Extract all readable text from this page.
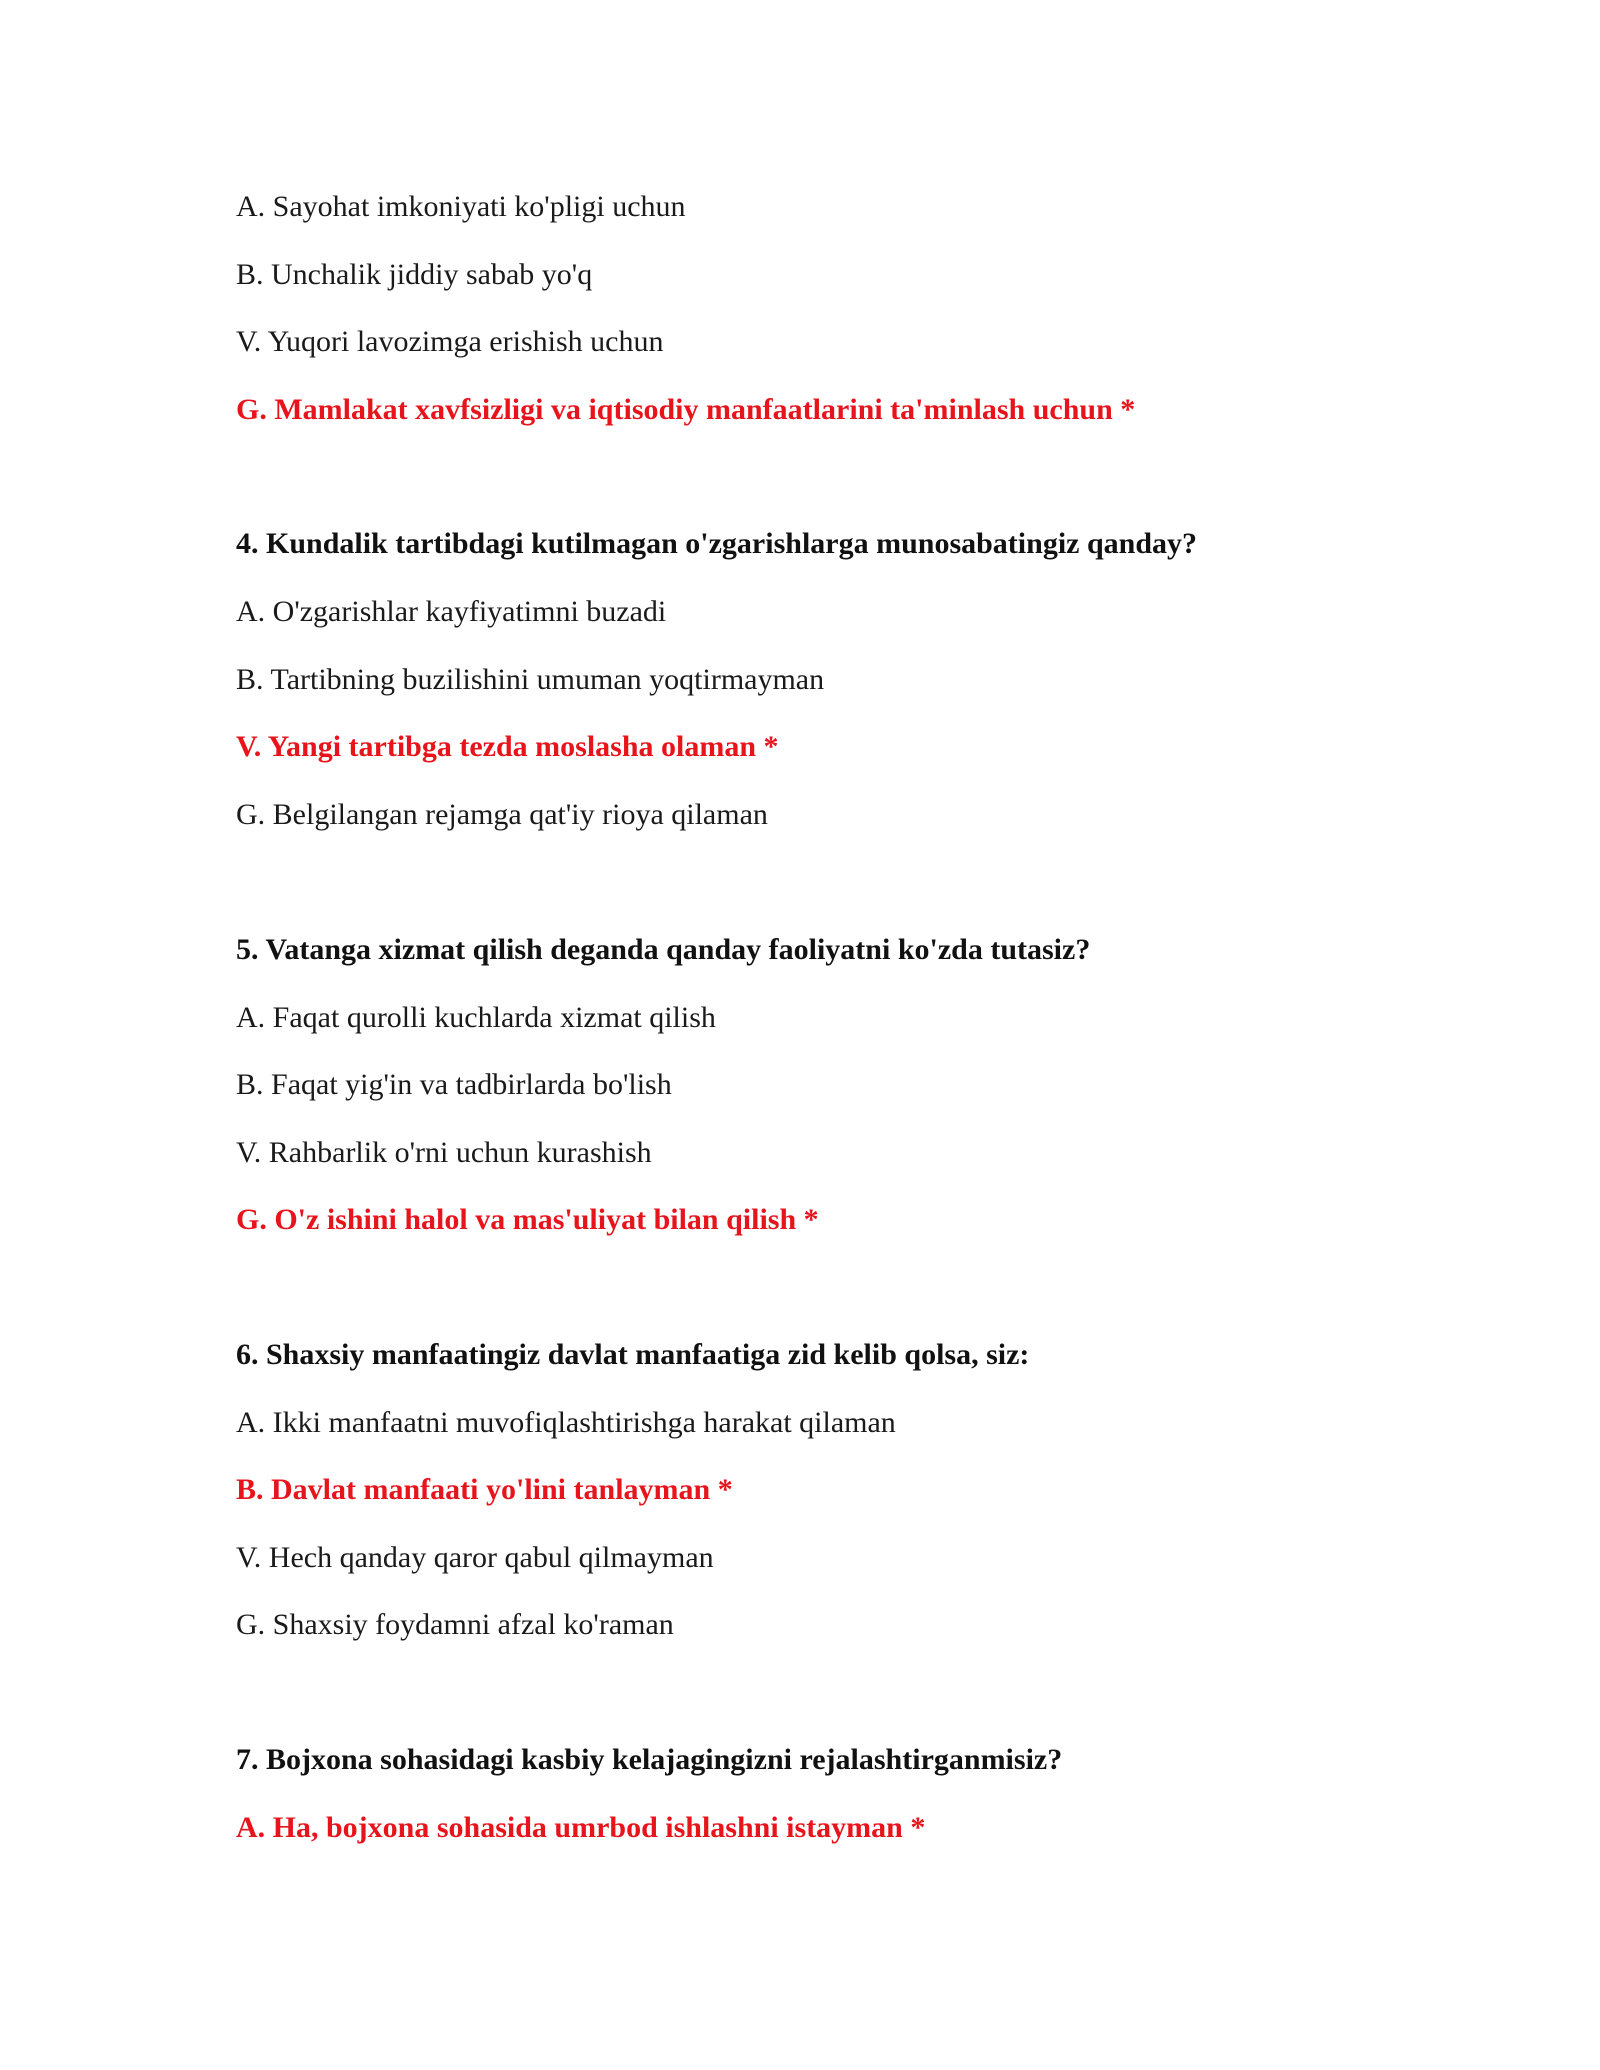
A. Sayohat imkoniyati ko'pligi uchun
B. Unchalik jiddiy sabab yo'q
V. Yuqori lavozimga erishish uchun
G. Mamlakat xavfsizligi va iqtisodiy manfaatlarini ta'minlash uchun *
4. Kundalik tartibdagi kutilmagan o'zgarishlarga munosabatingiz qanday?
A. O'zgarishlar kayfiyatimni buzadi
B. Tartibning buzilishini umuman yoqtirmayman
V. Yangi tartibga tezda moslasha olaman *
G. Belgilangan rejamga qat'iy rioya qilaman
5. Vatanga xizmat qilish deganda qanday faoliyatni ko'zda tutasiz?
A. Faqat qurolli kuchlarda xizmat qilish
B. Faqat yig'in va tadbirlarda bo'lish
V. Rahbarlik o'rni uchun kurashish
G. O'z ishini halol va mas'uliyat bilan qilish *
6. Shaxsiy manfaatingiz davlat manfaatiga zid kelib qolsa, siz:
A. Ikki manfaatni muvofiqlashtirishga harakat qilaman
B. Davlat manfaati yo'lini tanlayman *
V. Hech qanday qaror qabul qilmayman
G. Shaxsiy foydamni afzal ko'raman
7. Bojxona sohasidagi kasbiy kelajagingizni rejalashtirganmisiz?
A. Ha, bojxona sohasida umrbod ishlashni istayman *
